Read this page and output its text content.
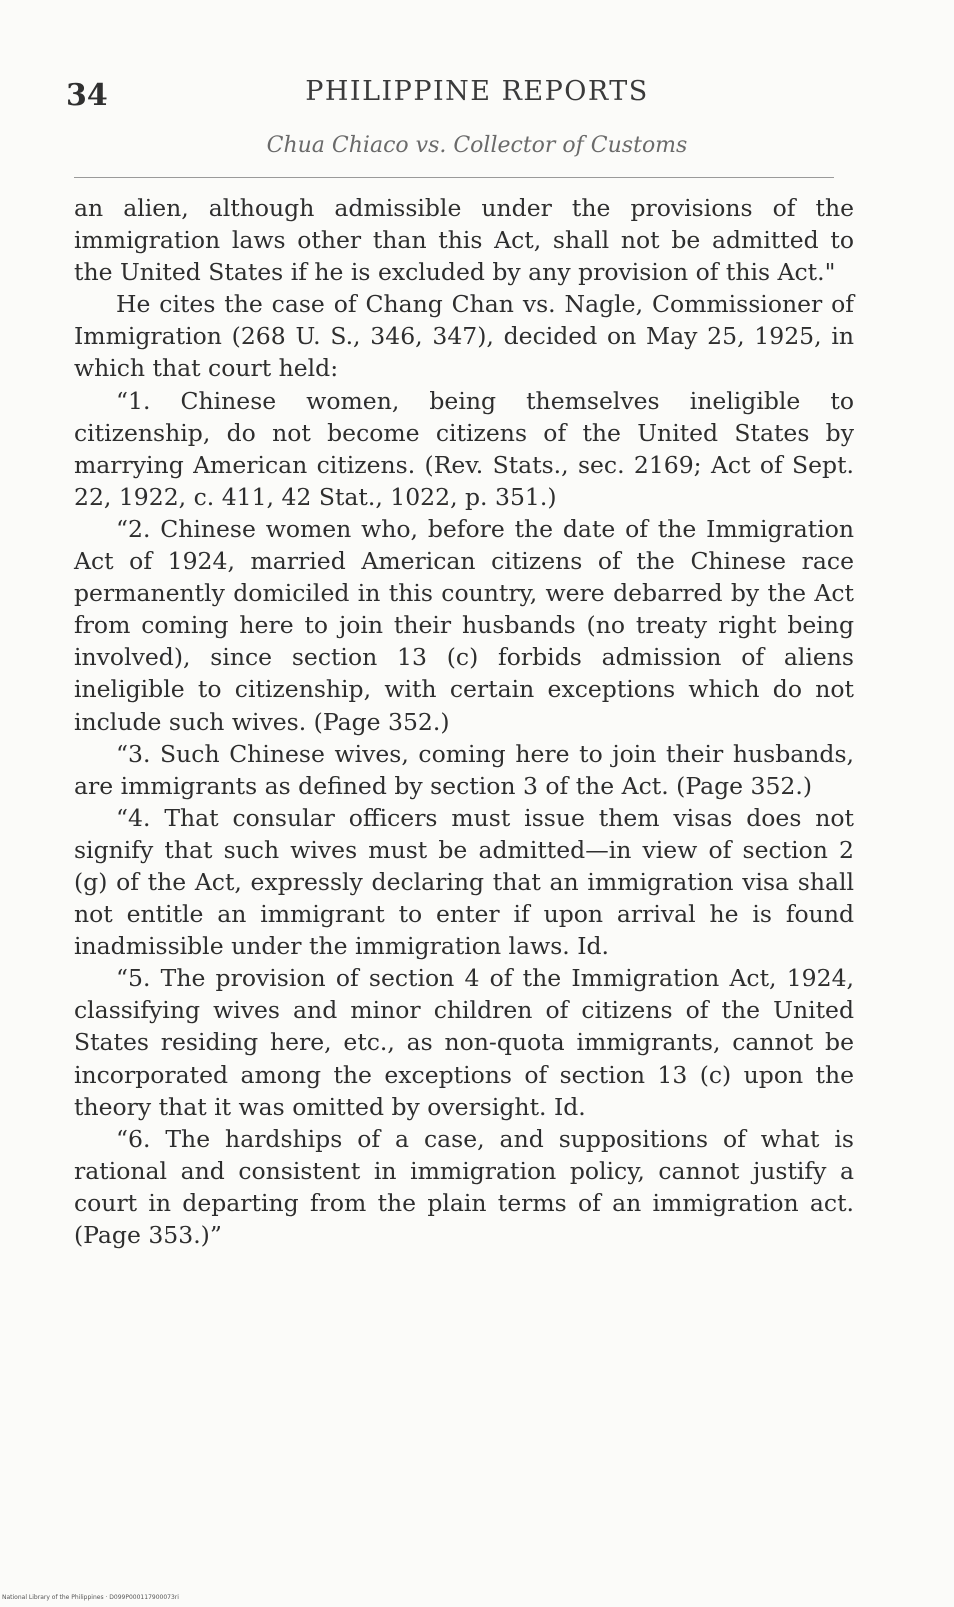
34	PHILIPPINE REPORTS
Chua Chiaco vs. Collector of Customs

an alien, although admissible under the provisions of the immigration laws other than this Act, shall not be admitted to the United States if he is excluded by any provision of this Act."

He cites the case of Chang Chan vs. Nagle, Commissioner of Immigration (268 U. S., 346, 347), decided on May 25, 1925, in which that court held:

“1. Chinese women, being themselves ineligible to citizenship, do not become citizens of the United States by marrying American citizens. (Rev. Stats., sec. 2169; Act of Sept. 22, 1922, c. 411, 42 Stat., 1022, p. 351.)

“2. Chinese women who, before the date of the Immigration Act of 1924, married American citizens of the Chinese race permanently domiciled in this country, were debarred by the Act from coming here to join their husbands (no treaty right being involved), since section 13 (c) forbids admission of aliens ineligible to citizenship, with certain exceptions which do not include such wives. (Page 352.)

“3. Such Chinese wives, coming here to join their husbands, are immigrants as defined by section 3 of the Act. (Page 352.)

“4. That consular officers must issue them visas does not signify that such wives must be admitted—in view of section 2 (g) of the Act, expressly declaring that an immigration visa shall not entitle an immigrant to enter if upon arrival he is found inadmissible under the immigration laws. Id.

“5. The provision of section 4 of the Immigration Act, 1924, classifying wives and minor children of citizens of the United States residing here, etc., as non-quota immigrants, cannot be incorporated among the exceptions of section 13 (c) upon the theory that it was omitted by oversight. Id.

“6. The hardships of a case, and suppositions of what is rational and consistent in immigration policy, cannot justify a court in departing from the plain terms of an immigration act. (Page 353.)”

National Library of the Philippines · D099P000117900073ri
